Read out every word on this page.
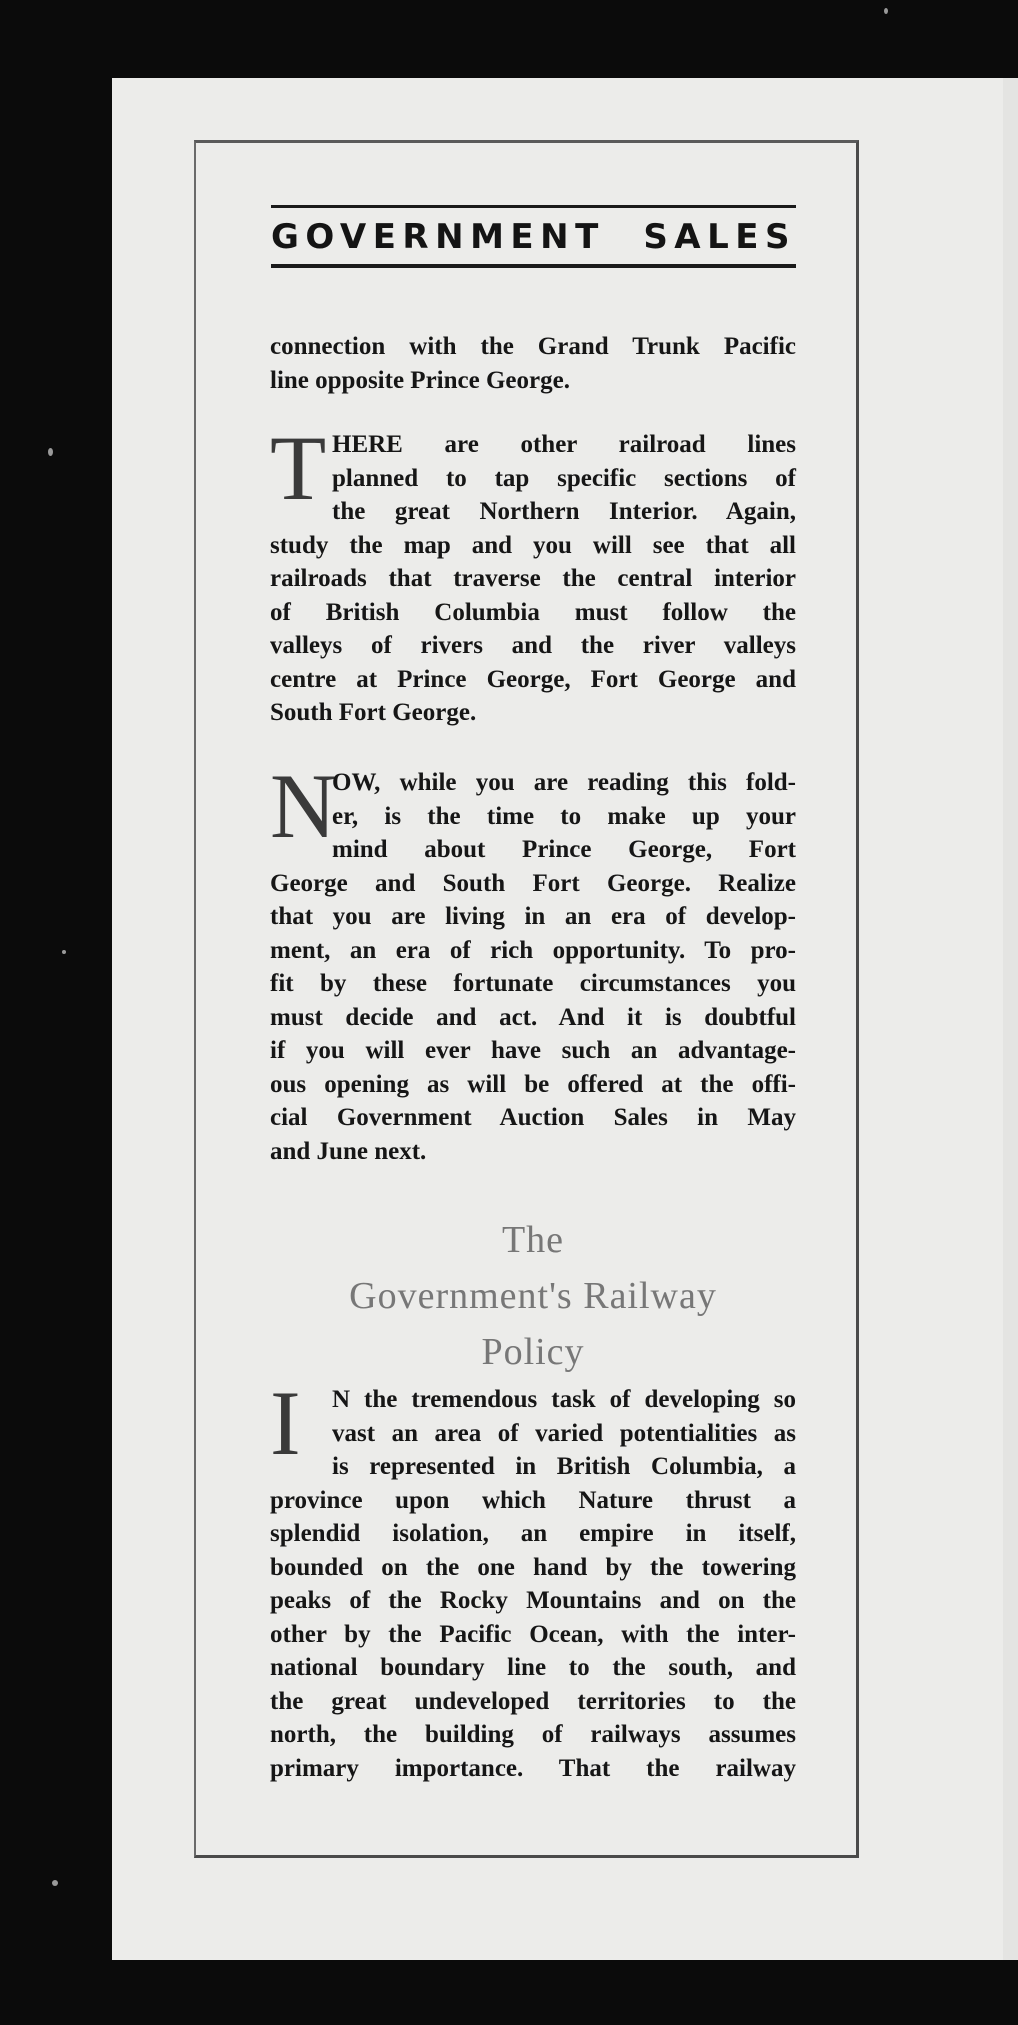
GOVERNMENT SALES
connection with the Grand Trunk Pacific
line opposite Prince George.
T HERE are other railroad lines
planned to tap specific sections of
the great Northern Interior. Again,
study the map and you will see that all
railroads that traverse the central interior
of British Columbia must follow the
valleys of rivers and the river valleys
centre at Prince George, Fort George and
South Fort George.
N
OW, while you are reading this fold-
er, is the time to make up your
mind about Prince George, Fort
George and South Fort George. Realize
that you are living in an era of develop-
ment, an era of rich opportunity. To pro-
fit by these fortunate circumstances you
must decide and act. And it is doubtful
if you will ever have such an advantage-
ous opening as will be offered at the offi-
cial Government Auction Sales in May
and June next.
The
Government's Railway
Policy
I	N the tremendous task of developing so
vast an area of varied potentialities as
is represented in British Columbia, a
province upon which Nature thrust a
splendid isolation, an empire in itself,
bounded on the one hand by the towering
peaks of the Rocky Mountains and on the
other by the Pacific Ocean, with the inter-
national boundary line to the south, and
the great undeveloped territories to the
north, the building of railways assumes
primary importance. That the railway
